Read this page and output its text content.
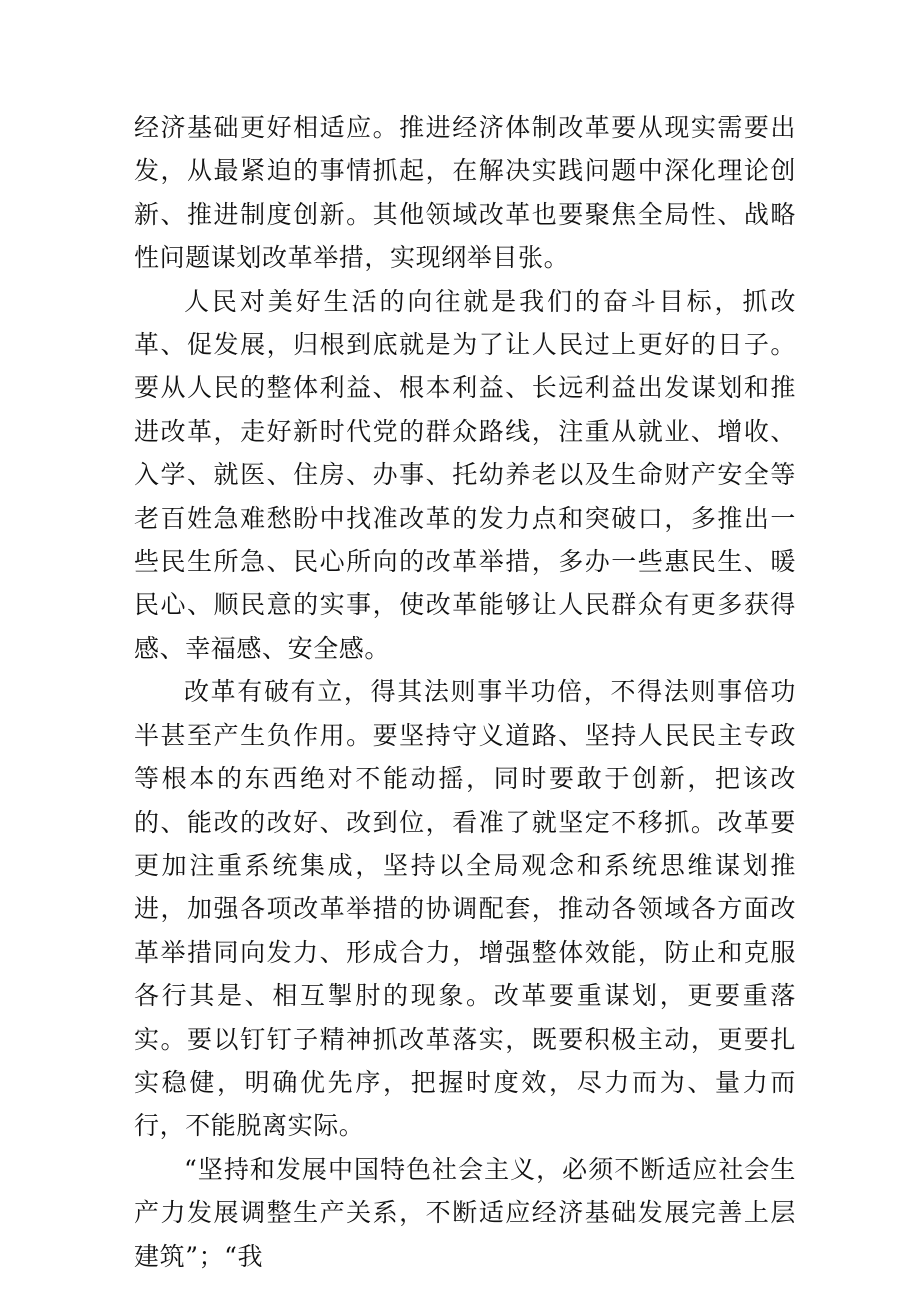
经济基础更好相适应。推进经济体制改革要从现实需要出发，从最紧迫的事情抓起，在解决实践问题中深化理论创新、推进制度创新。其他领域改革也要聚焦全局性、战略性问题谋划改革举措，实现纲举目张。

人民对美好生活的向往就是我们的奋斗目标，抓改革、促发展，归根到底就是为了让人民过上更好的日子。要从人民的整体利益、根本利益、长远利益出发谋划和推进改革，走好新时代党的群众路线，注重从就业、增收、入学、就医、住房、办事、托幼养老以及生命财产安全等老百姓急难愁盼中找准改革的发力点和突破口，多推出一些民生所急、民心所向的改革举措，多办一些惠民生、暖民心、顺民意的实事，使改革能够让人民群众有更多获得感、幸福感、安全感。

改革有破有立，得其法则事半功倍，不得法则事倍功半甚至产生负作用。要坚持守义道路、坚持人民民主专政等根本的东西绝对不能动摇，同时要敢于创新，把该改的、能改的改好、改到位，看准了就坚定不移抓。改革要更加注重系统集成，坚持以全局观念和系统思维谋划推进，加强各项改革举措的协调配套，推动各领域各方面改革举措同向发力、形成合力，增强整体效能，防止和克服各行其是、相互掣肘的现象。改革要重谋划，更要重落实。要以钉钉子精神抓改革落实，既要积极主动，更要扎实稳健，明确优先序，把握时度效，尽力而为、量力而行，不能脱离实际。

“坚持和发展中国特色社会主义，必须不断适应社会生产力发展调整生产关系，不断适应经济基础发展完善上层建筑”；“我
